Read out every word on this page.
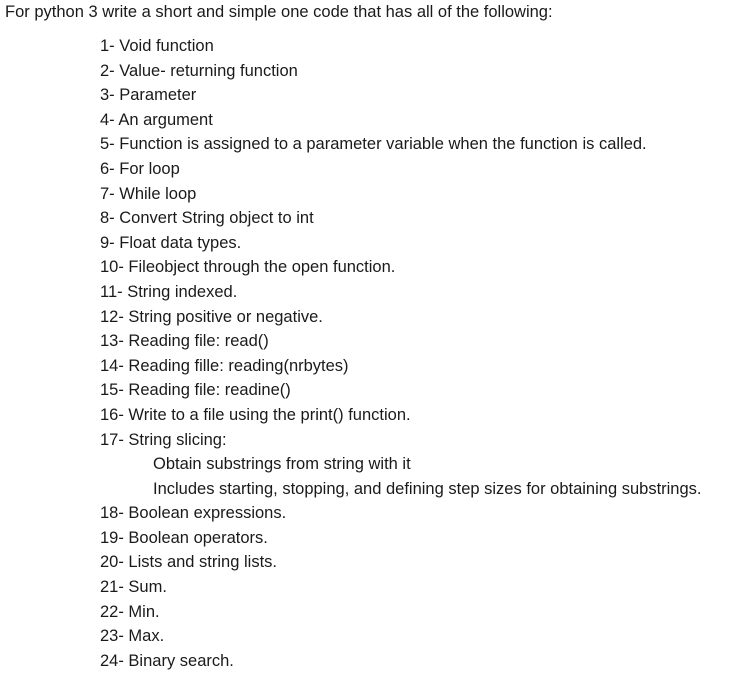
For python 3 write a short and simple one code that has all of the following:
1- Void function
2- Value- returning function
3- Parameter
4- An argument
5- Function is assigned to a parameter variable when the function is called.
6- For loop
7- While loop
8- Convert String object to int
9- Float data types.
10- Fileobject through the open function.
11- String indexed.
12- String positive or negative.
13- Reading file: read()
14- Reading fille: reading(nrbytes)
15- Reading file: readine()
16- Write to a file using the print() function.
17- String slicing:
Obtain substrings from string with it
Includes starting, stopping, and defining step sizes for obtaining substrings.
18- Boolean expressions.
19- Boolean operators.
20- Lists and string lists.
21- Sum.
22- Min.
23- Max.
24- Binary search.
